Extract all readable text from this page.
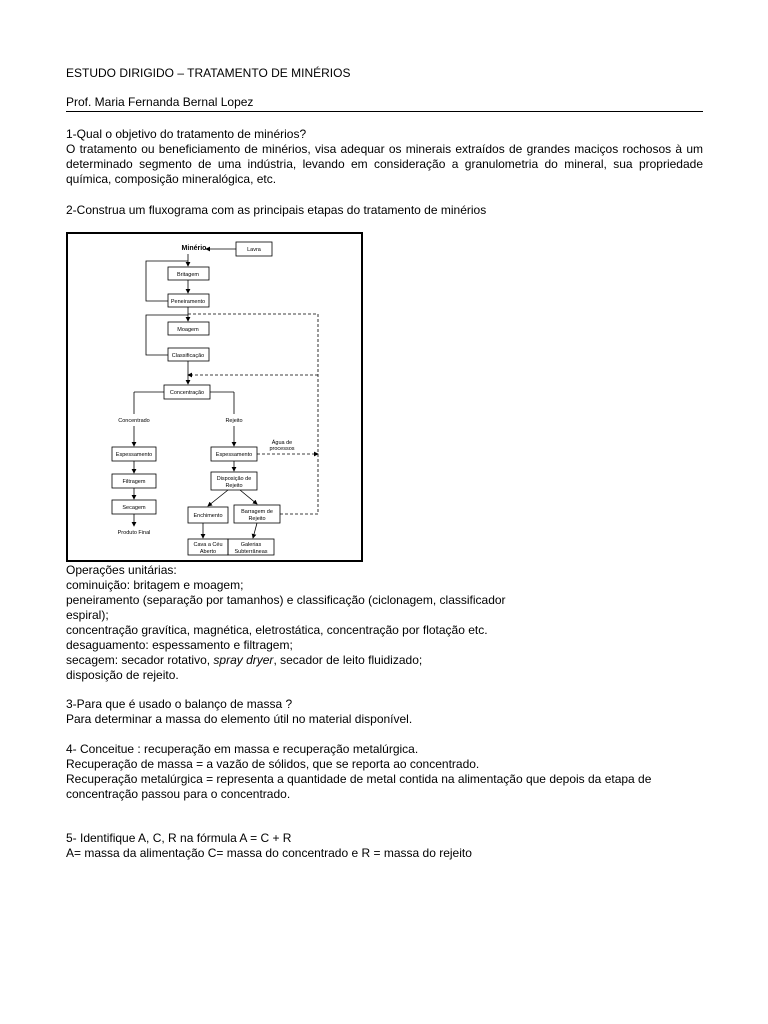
ESTUDO DIRIGIDO – TRATAMENTO DE MINÉRIOS
Prof. Maria Fernanda Bernal Lopez
1-Qual o objetivo do tratamento de minérios?
O tratamento ou beneficiamento de minérios, visa adequar os minerais extraídos de grandes maciços rochosos à um determinado segmento de uma indústria, levando em consideração a granulometria do mineral, sua propriedade química, composição mineralógica, etc.
2-Construa um fluxograma com as principais etapas do tratamento de minérios
Minério	Lavra
Britagem
Peneiramento
Moagem
Classificação
Concentração
Concentrado	Rejeito
Espessamento	Espessamento
Água de
processos
Filtragem
Secagem
Produto Final
Disposição de
Rejeito
Enchimento
Barragem de
Rejeito
Cava a Céu
Aberto
Galerias
Subterrâneas
Operações unitárias:
cominuição: britagem e moagem;
peneiramento (separação por tamanhos) e classificação (ciclonagem, classificador
espiral);
concentração gravítica, magnética, eletrostática, concentração por flotação etc.
desaguamento: espessamento e filtragem;
secagem: secador rotativo, spray dryer, secador de leito fluidizado;
disposição de rejeito.
3-Para que é usado o balanço de massa ?
Para determinar a massa do elemento útil no material disponível.
4- Conceitue : recuperação em massa e recuperação metalúrgica.
Recuperação de massa = a vazão de sólidos, que se reporta ao concentrado.
Recuperação metalúrgica = representa a quantidade de metal contida na alimentação que depois da etapa de
concentração passou para o concentrado.
5- Identifique A, C, R na fórmula A = C + R
A= massa da alimentação C= massa do concentrado e R = massa do rejeito
